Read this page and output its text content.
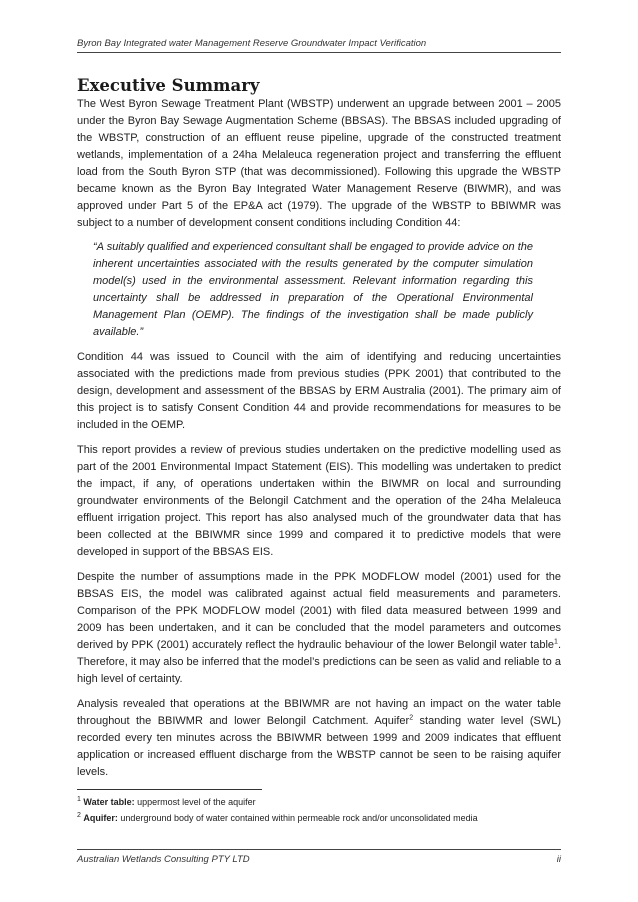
Byron Bay Integrated water Management Reserve Groundwater Impact Verification
Executive Summary

The West Byron Sewage Treatment Plant (WBSTP) underwent an upgrade between 2001 – 2005 under the Byron Bay Sewage Augmentation Scheme (BBSAS). The BBSAS included upgrading of the WBSTP, construction of an effluent reuse pipeline, upgrade of the constructed treatment wetlands, implementation of a 24ha Melaleuca regeneration project and transferring the effluent load from the South Byron STP (that was decommissioned). Following this upgrade the WBSTP became known as the Byron Bay Integrated Water Management Reserve (BIWMR), and was approved under Part 5 of the EP&A act (1979). The upgrade of the WBSTP to BBIWMR was subject to a number of development consent conditions including Condition 44:

“A suitably qualified and experienced consultant shall be engaged to provide advice on the inherent uncertainties associated with the results generated by the computer simulation model(s) used in the environmental assessment. Relevant information regarding this uncertainty shall be addressed in preparation of the Operational Environmental Management Plan (OEMP). The findings of the investigation shall be made publicly available.”

Condition 44 was issued to Council with the aim of identifying and reducing uncertainties associated with the predictions made from previous studies (PPK 2001) that contributed to the design, development and assessment of the BBSAS by ERM Australia (2001). The primary aim of this project is to satisfy Consent Condition 44 and provide recommendations for measures to be included in the OEMP.

This report provides a review of previous studies undertaken on the predictive modelling used as part of the 2001 Environmental Impact Statement (EIS). This modelling was undertaken to predict the impact, if any, of operations undertaken within the BIWMR on local and surrounding groundwater environments of the Belongil Catchment and the operation of the 24ha Melaleuca effluent irrigation project. This report has also analysed much of the groundwater data that has been collected at the BBIWMR since 1999 and compared it to predictive models that were developed in support of the BBSAS EIS.

Despite the number of assumptions made in the PPK MODFLOW model (2001) used for the BBSAS EIS, the model was calibrated against actual field measurements and parameters. Comparison of the PPK MODFLOW model (2001) with filed data measured between 1999 and 2009 has been undertaken, and it can be concluded that the model parameters and outcomes derived by PPK (2001) accurately reflect the hydraulic behaviour of the lower Belongil water table$^1$. Therefore, it may also be inferred that the model’s predictions can be seen as valid and reliable to a high level of certainty.

Analysis revealed that operations at the BBIWMR are not having an impact on the water table throughout the BBIWMR and lower Belongil Catchment. Aquifer$^2$ standing water level (SWL) recorded every ten minutes across the BBIWMR between 1999 and 2009 indicates that effluent application or increased effluent discharge from the WBSTP cannot be seen to be raising aquifer levels.

$^1$ Water table: uppermost level of the aquifer

$^2$ Aquifer: underground body of water contained within permeable rock and/or unconsolidated media

Australian Wetlands Consulting PTY LTD	ii
